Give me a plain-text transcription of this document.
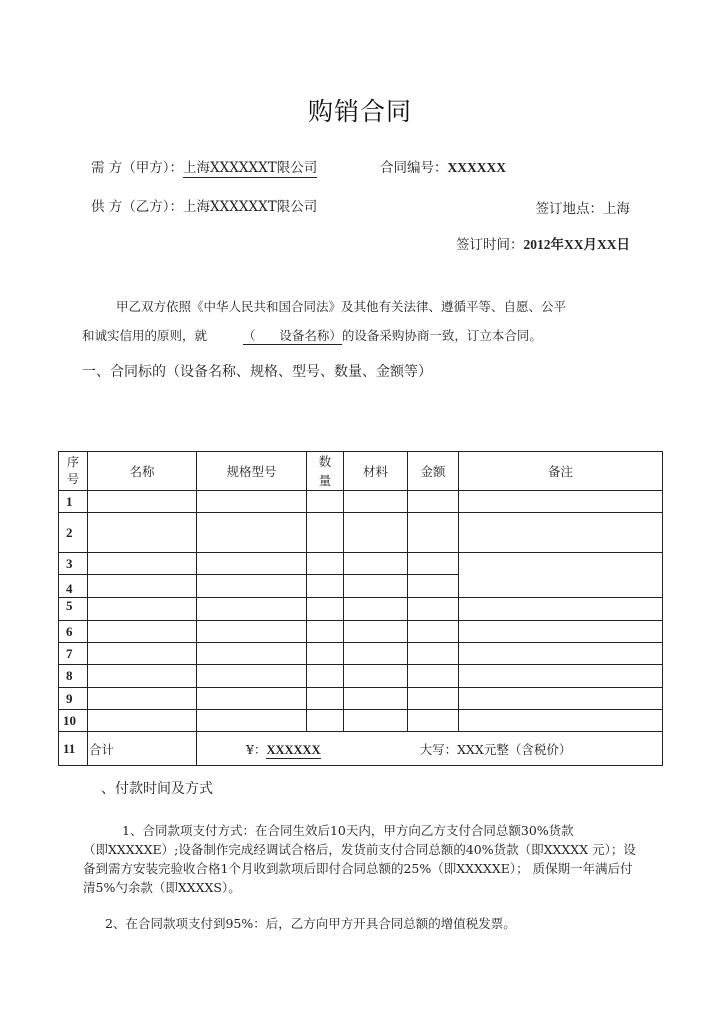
购销合同
需 方（甲方）：上海XXXXXXT限公司	合同编号：XXXXXX
供 方（乙方）：上海XXXXXXT限公司	签订地点：上海
签订时间：2012年XX月XX日
甲乙双方依照《中华人民共和国合同法》及其他有关法律、遵循平等、自愿、公平
和诚实信用的原则，就	（      设备名称）的设备采购协商一致，订立本合同。
一、合同标的（设备名称、规格、型号、数量、金额等）
序号	名称	规格型号	数量	材料	金额	备注
1						
2						
3						
4						
5						
6						
7						
8						
9						
10						
11	合计	¥：XXXXXX 大写：XXX元整（含税价）				
、付款时间及方式
1、合同款项支付方式：在合同生效后10天内，甲方向乙方支付合同总额30%货款
（即XXXXXE）;设备制作完成经调试合格后，发货前支付合同总额的40%货款（即XXXXX 元）；设
备到需方安装完验收合格1个月收到款项后即付合同总额的25%（即XXXXXE）； 质保期一年满后付
清5%勺余款（即XXXXS）。
2、在合同款项支付到95%：后，乙方向甲方开具合同总额的增值税发票。
